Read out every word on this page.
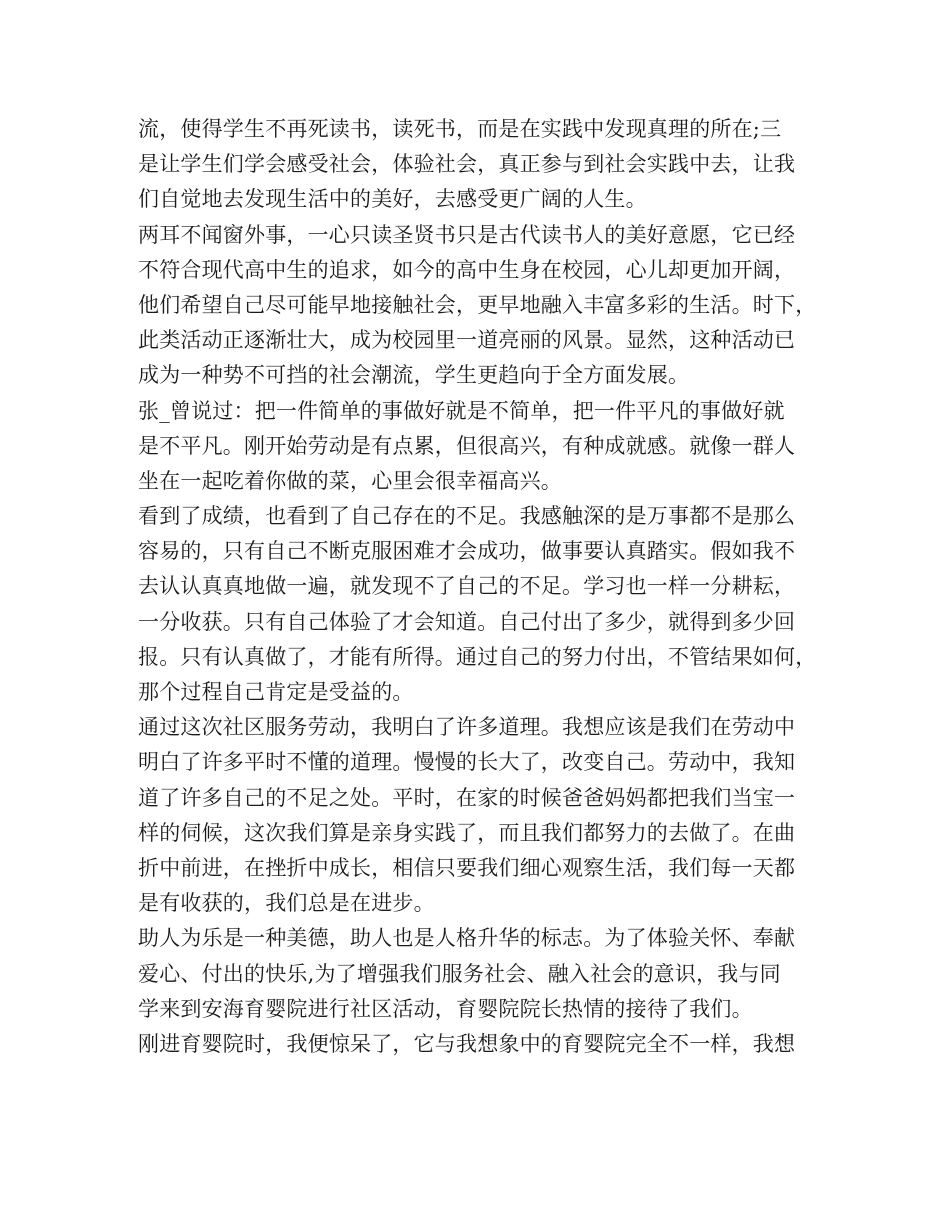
流，使得学生不再死读书，读死书，而是在实践中发现真理的所在;三
是让学生们学会感受社会，体验社会，真正参与到社会实践中去，让我
们自觉地去发现生活中的美好，去感受更广阔的人生。
两耳不闻窗外事，一心只读圣贤书只是古代读书人的美好意愿，它已经
不符合现代高中生的追求，如今的高中生身在校园，心儿却更加开阔，
他们希望自己尽可能早地接触社会，更早地融入丰富多彩的生活。时下，
此类活动正逐渐壮大，成为校园里一道亮丽的风景。显然，这种活动已
成为一种势不可挡的社会潮流，学生更趋向于全方面发展。
张_曾说过：把一件简单的事做好就是不简单，把一件平凡的事做好就
是不平凡。刚开始劳动是有点累，但很高兴，有种成就感。就像一群人
坐在一起吃着你做的菜，心里会很幸福高兴。
看到了成绩，也看到了自己存在的不足。我感触深的是万事都不是那么
容易的，只有自己不断克服困难才会成功，做事要认真踏实。假如我不
去认认真真地做一遍，就发现不了自己的不足。学习也一样一分耕耘，
一分收获。只有自己体验了才会知道。自己付出了多少，就得到多少回
报。只有认真做了，才能有所得。通过自己的努力付出，不管结果如何，
那个过程自己肯定是受益的。
通过这次社区服务劳动，我明白了许多道理。我想应该是我们在劳动中
明白了许多平时不懂的道理。慢慢的长大了，改变自己。劳动中，我知
道了许多自己的不足之处。平时，在家的时候爸爸妈妈都把我们当宝一
样的伺候，这次我们算是亲身实践了，而且我们都努力的去做了。在曲
折中前进，在挫折中成长，相信只要我们细心观察生活，我们每一天都
是有收获的，我们总是在进步。
助人为乐是一种美德，助人也是人格升华的标志。为了体验关怀、奉献
爱心、付出的快乐,为了增强我们服务社会、融入社会的意识，我与同
学来到安海育婴院进行社区活动，育婴院院长热情的接待了我们。
刚进育婴院时，我便惊呆了，它与我想象中的育婴院完全不一样，我想
